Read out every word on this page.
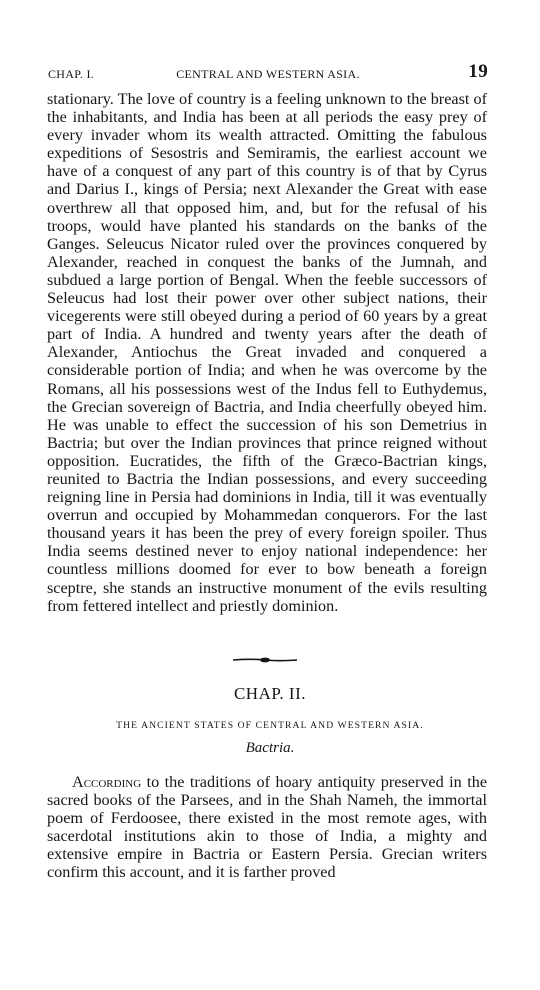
CHAP. I.	CENTRAL AND WESTERN ASIA.	19

stationary. The love of country is a feeling unknown to the breast of the inhabitants, and India has been at all periods the easy prey of every invader whom its wealth attracted. Omitting the fabulous expeditions of Sesostris and Semiramis, the earliest account we have of a conquest of any part of this country is of that by Cyrus and Darius I., kings of Persia; next Alexander the Great with ease overthrew all that opposed him, and, but for the refusal of his troops, would have planted his standards on the banks of the Ganges. Seleucus Nicator ruled over the provinces conquered by Alexander, reached in conquest the banks of the Jumnah, and subdued a large portion of Bengal. When the feeble successors of Seleucus had lost their power over other subject nations, their vicegerents were still obeyed during a period of 60 years by a great part of India. A hundred and twenty years after the death of Alexander, Antiochus the Great invaded and conquered a considerable portion of India; and when he was overcome by the Romans, all his possessions west of the Indus fell to Euthydemus, the Grecian sovereign of Bactria, and India cheerfully obeyed him. He was unable to effect the succession of his son Demetrius in Bactria; but over the Indian provinces that prince reigned without opposition. Eucratides, the fifth of the Græco-Bactrian kings, reunited to Bactria the Indian possessions, and every succeeding reigning line in Persia had dominions in India, till it was eventually overrun and occupied by Mohammedan conquerors. For the last thousand years it has been the prey of every foreign spoiler. Thus India seems destined never to enjoy national independence: her countless millions doomed for ever to bow beneath a foreign sceptre, she stands an instructive monument of the evils resulting from fettered intellect and priestly dominion.

CHAP. II.
THE ANCIENT STATES OF CENTRAL AND WESTERN ASIA.
Bactria.

According to the traditions of hoary antiquity preserved in the sacred books of the Parsees, and in the Shah Nameh, the immortal poem of Ferdoosee, there existed in the most remote ages, with sacerdotal institutions akin to those of India, a mighty and extensive empire in Bactria or Eastern Persia. Grecian writers confirm this account, and it is farther proved
